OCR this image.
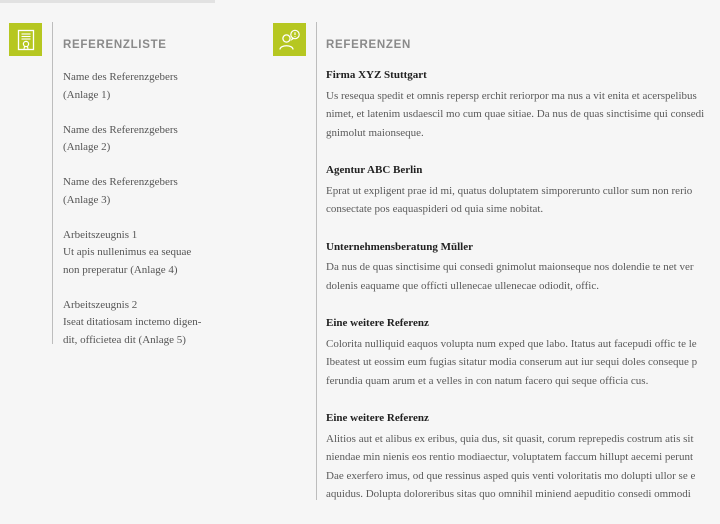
REFERENZLISTE
Name des Referenzgebers
(Anlage 1)
Name des Referenzgebers
(Anlage 2)
Name des Referenzgebers
(Anlage 3)
Arbeitszeugnis 1
Ut apis nullenimus ea sequae
non preperatur (Anlage 4)
Arbeitszeugnis 2
Iseat ditatiosam inctemo digen-
dit, officietea dit (Anlage 5)
REFERENZEN

Firma XYZ Stuttgart

Us resequa spedit et omnis repersp erchit reriorpor ma nus a vit enita et acerspelibus
nimet, et latenim usdaescil mo cum quae sitiae. Da nus de quas sinctisime qui consedi
gnimolut maionseque.

Agentur ABC Berlin

Eprat ut expligent prae id mi, quatus doluptatem simporerunto cullor sum non rerio
consectate pos eaquaspideri od quia sime nobitat.

Unternehmensberatung Müller

Da nus de quas sinctisime qui consedi gnimolut maionseque nos dolendie te net ver
dolenis eaquame que offícti ullenecae ullenecae odiodit, offic.

Eine weitere Referenz

Colorita nulliquid eaquos volupta num exped que labo. Itatus aut facepudi offic te le
Ibeatest ut eossim eum fugias sitatur modia conserum aut iur sequi doles conseque p
ferundia quam arum et a velles in con natum facero qui seque officia cus.

Eine weitere Referenz

Alitios aut et alibus ex eribus, quia dus, sit quasit, corum reprepedis costrum atis sit
niendae min nienis eos rentio modiaectur, voluptatem faccum hillupt aecemi perunt
Dae exerfero imus, od que ressinus asped quis venti voloritatis mo dolupti ullor se e
aquidus. Dolupta doloreribus sitas quo omnihil miniend aepuditio consedi ommodi
